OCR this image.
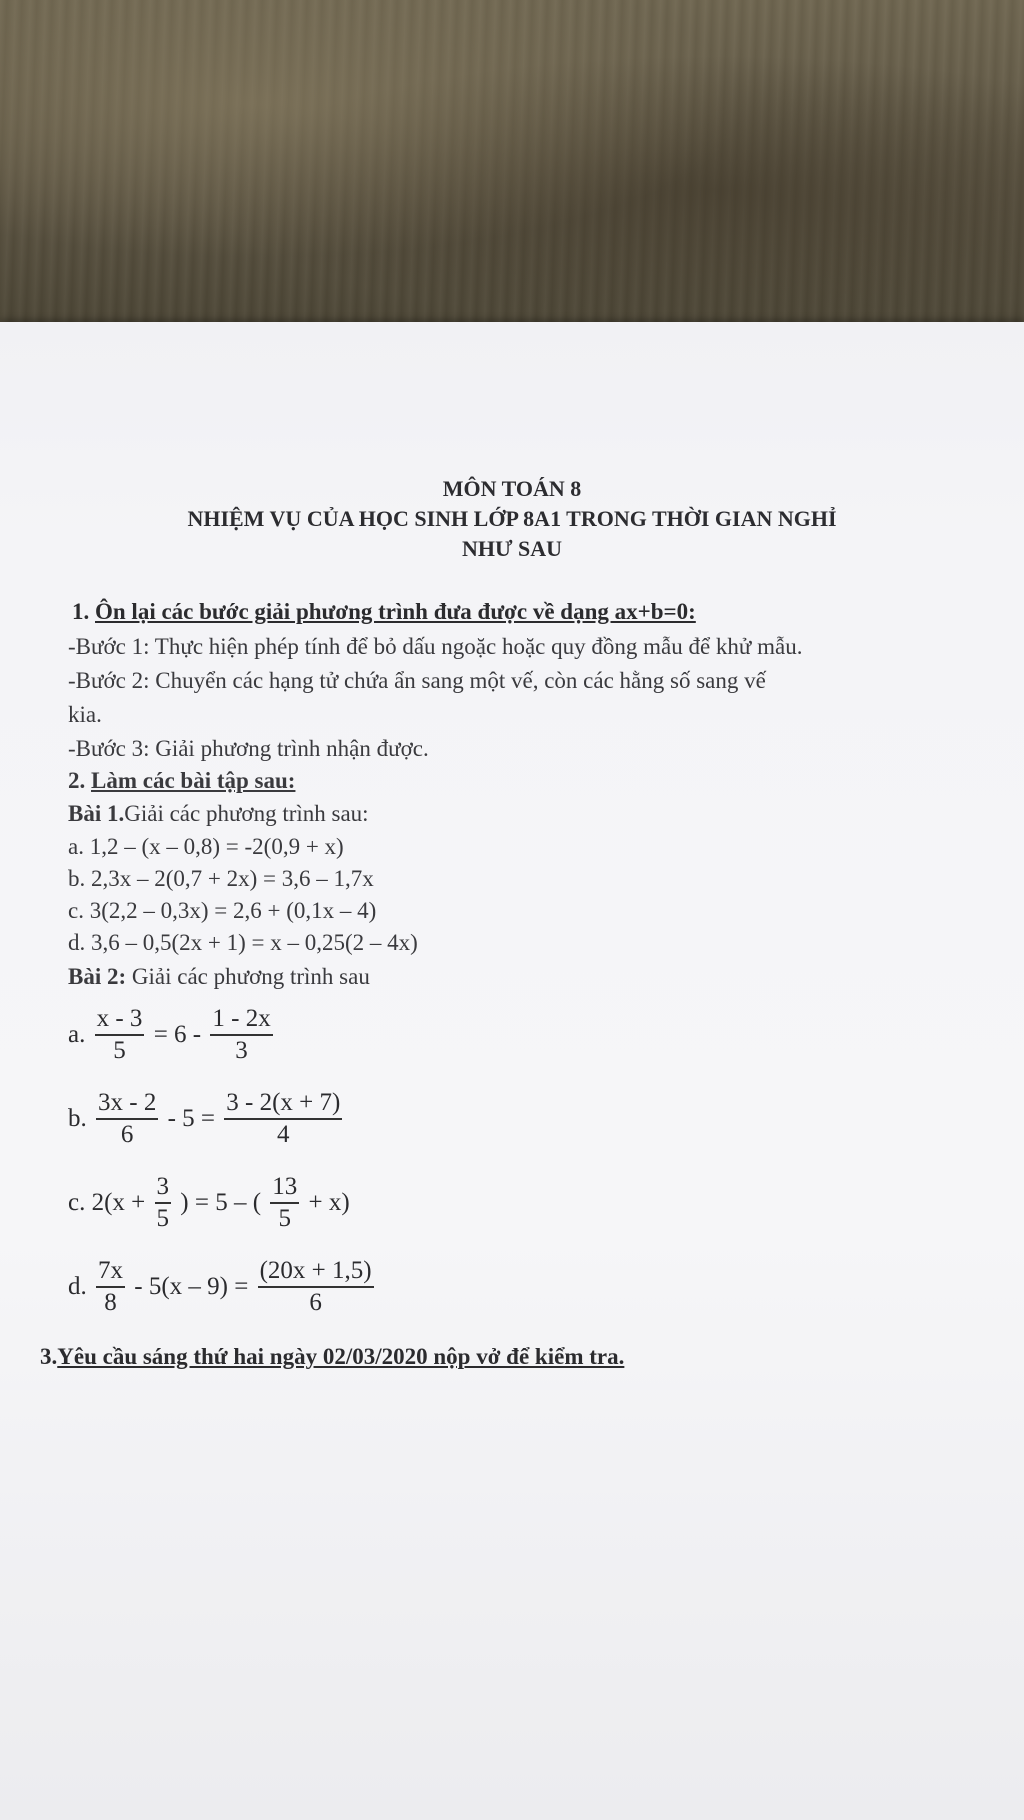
MÔN TOÁN 8
NHIỆM VỤ CỦA HỌC SINH LỚP 8A1 TRONG THỜI GIAN NGHỈ
NHƯ SAU
1. Ôn lại các bước giải phương trình đưa được về dạng ax+b=0:
-Bước 1: Thực hiện phép tính để bỏ dấu ngoặc hoặc quy đồng mẫu để khử mẫu.
-Bước 2: Chuyển các hạng tử chứa ẩn sang một vế, còn các hằng số sang vế
kia.
-Bước 3: Giải phương trình nhận được.
2. Làm các bài tập sau:
Bài 1.Giải các phương trình sau:
a. 1,2 – (x – 0,8) = -2(0,9 + x)
b. 2,3x – 2(0,7 + 2x) = 3,6 – 1,7x
c. 3(2,2 – 0,3x) = 2,6 + (0,1x – 4)
d. 3,6 – 0,5(2x + 1) = x – 0,25(2 – 4x)
Bài 2: Giải các phương trình sau
a. $\frac{x - 3}{5} = 6 - \frac{1 - 2x}{3}$
b. $\frac{3x - 2}{6} - 5 = \frac{3 - 2(x + 7)}{4}$
c. $2(x + \frac{3}{5}$ ) = 5 – ( $\frac{13}{5} + x$)
d. $\frac{7x}{8} - 5(x - 9) = \frac{(20x + 1,5)}{6}$
3.Yêu cầu sáng thứ hai ngày 02/03/2020 nộp vở để kiểm tra.
